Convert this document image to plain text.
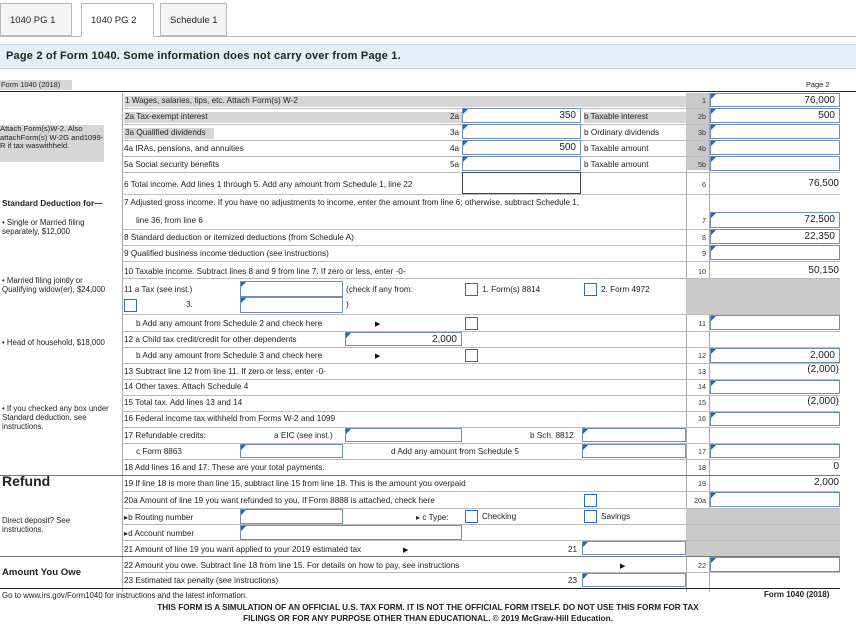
1040 PG 1	1040 PG 2	Schedule 1
Page 2 of Form 1040. Some information does not carry over from Page 1.
Form 1040 (2018)	Page 2
Attach Form(s)W-2. Also attachForm(s) W-2G and1099-R if tax waswithheld.
Standard Deduction for—
• Single or Married filing separately, $12,000
• Married filing jointly or Qualifying widow(er), $24,000
• Head of household, $18,000
• If you checked any box under Standard deduction, see instructions.
Refund
Direct deposit? See instructions.
Amount You Owe
1 Wages, salaries, tips, etc. Attach Form(s) W-2	1	76,000
2a Tax-exempt interest	2a	350 b Taxable interest	2b	500
3a Qualified dividends	3a	b Ordinary dividends	3b
4a IRAs, pensions, and annuities	4a	500 b Taxable amount	4b
5a Social security benefits	5a	b Taxable amount	5b
6 Total income. Add lines 1 through 5. Add any amount from Schedule 1, line 22	6	76,500
7 Adjusted gross income. If you have no adjustments to income, enter the amount from line 6; otherwise, subtract Schedule 1,
line 36, from line 6	7	72,500
8 Standard deduction or itemized deductions (from Schedule A)	8	22,350
9 Qualified business income deduction (see instructions)	9
10 Taxable income. Subtract lines 8 and 9 from line 7. If zero or less, enter -0-	10	50,150
11 a Tax (see inst.)	(check if any from:	1. Form(s) 8814	2. Form 4972
3.	)
b Add any amount from Schedule 2 and check here	▶	11
12 a Child tax credit/credit for other dependents	2,000
b Add any amount from Schedule 3 and check here	▶	12	2,000
13 Subtract line 12 from line 11. If zero or less, enter -0-	13	(2,000)
14 Other taxes. Attach Schedule 4	14
15 Total tax. Add lines 13 and 14	15	(2,000)
16 Federal income tax withheld from Forms W-2 and 1099	16
17 Refundable credits:	a EIC (see inst.)	b Sch. 8812
c Form 8863	d Add any amount from Schedule 5	17
18 Add lines 16 and 17. These are your total payments.	18	0
19 If line 18 is more than line 15, subtract line 15 from line 18. This is the amount you overpaid	19	2,000
20a Amount of line 19 you want refunded to you. If Form 8888 is attached, check here	20a
▸b Routing number	▸ c Type:	Checking	Savings
▸d Account number
21 Amount of line 19 you want applied to your 2019 estimated tax	▶	21
22 Amount you owe. Subtract line 18 from line 15. For details on how to pay, see instructions	▶	22
23 Estimated tax penalty (see instructions)	23
Go to www.irs.gov/Form1040 for instructions and the latest information.	Form 1040 (2018)
THIS FORM IS A SIMULATION OF AN OFFICIAL U.S. TAX FORM. IT IS NOT THE OFFICIAL FORM ITSELF. DO NOT USE THIS FORM FOR TAX
FILINGS OR FOR ANY PURPOSE OTHER THAN EDUCATIONAL. © 2019 McGraw-Hill Education.
